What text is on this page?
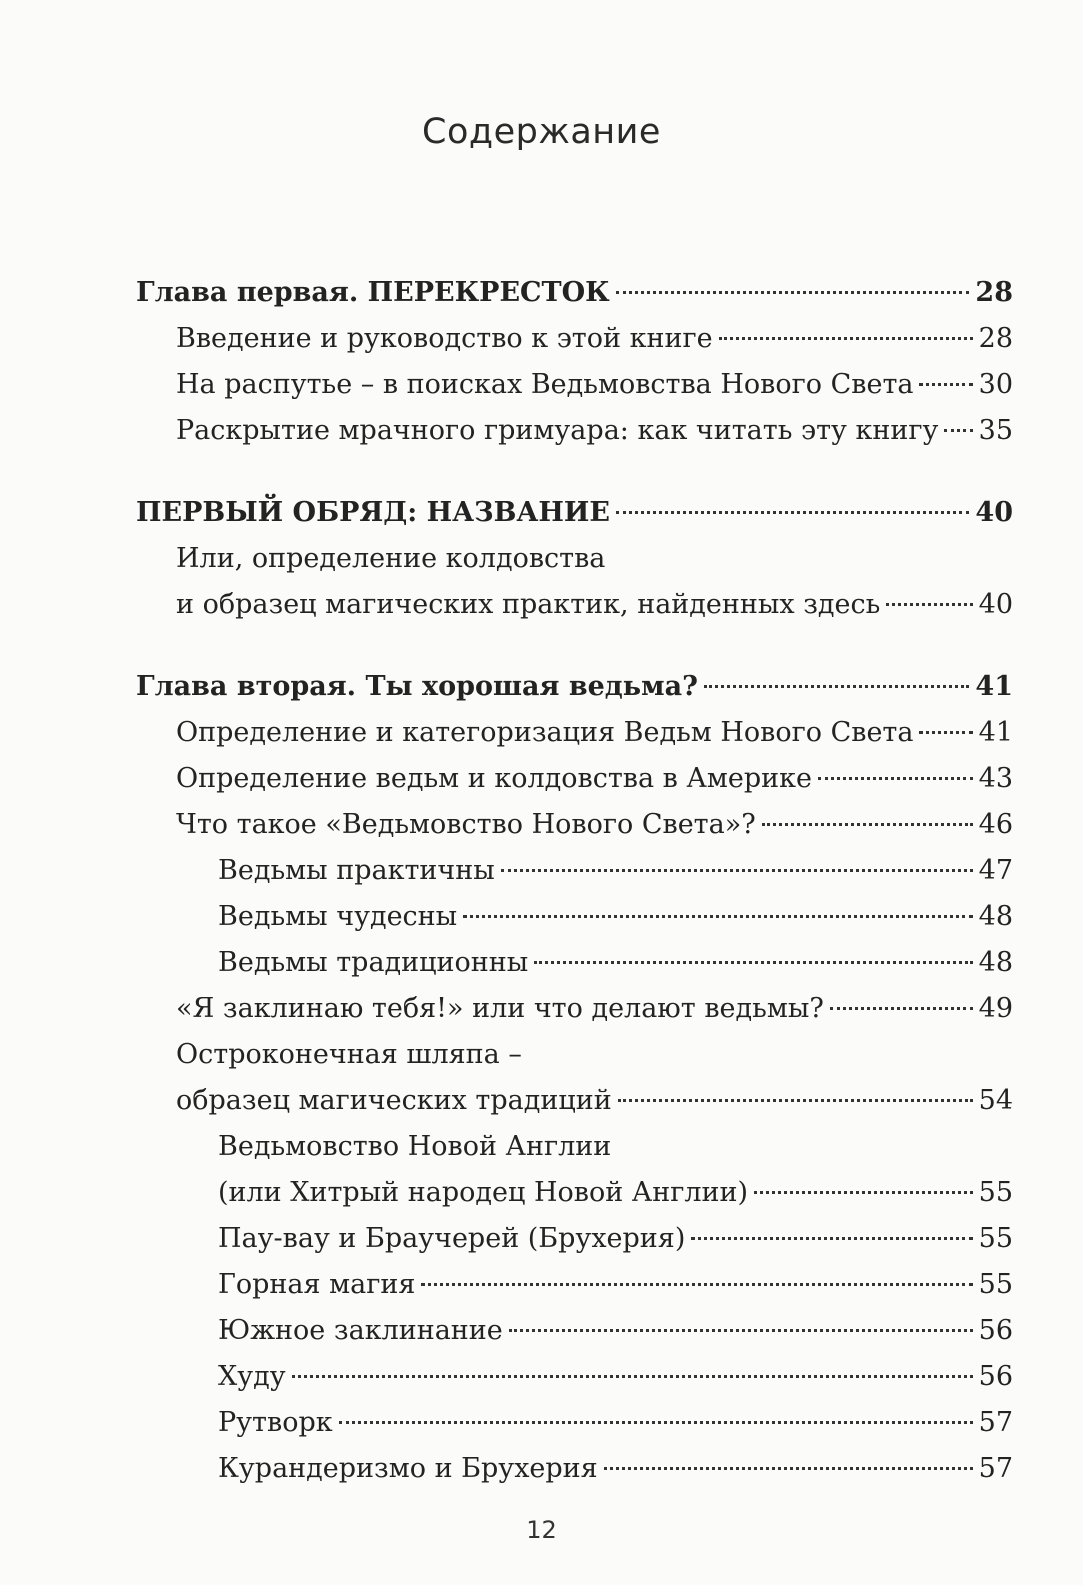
Содержание
Глава первая. ПЕРЕКРЕСТОК	28
Введение и руководство к этой книге	28
На распутье – в поисках Ведьмовства Нового Света 30
Раскрытие мрачного гримуара: как читать эту книгу 35
ПЕРВЫЙ ОБРЯД: НАЗВАНИЕ	40
Или, определение колдовства
и образец магических практик, найденных здесь	40
Глава вторая. Ты хорошая ведьма?	41
Определение и категоризация Ведьм Нового Света 41
Определение ведьм и колдовства в Америке	43
Что такое «Ведьмовство Нового Света»?	46
Ведьмы практичны	47
Ведьмы чудесны	48
Ведьмы традиционны	48
«Я заклинаю тебя!» или что делают ведьмы?	49
Остроконечная шляпа –
образец магических традиций	54
Ведьмовство Новой Англии
(или Хитрый народец Новой Англии)	55
Пау-вау и Браучерей (Брухерия)	55
Горная магия	55
Южное заклинание	56
Худу	56
Рутворк	57
Курандеризмо и Брухерия	57
12
